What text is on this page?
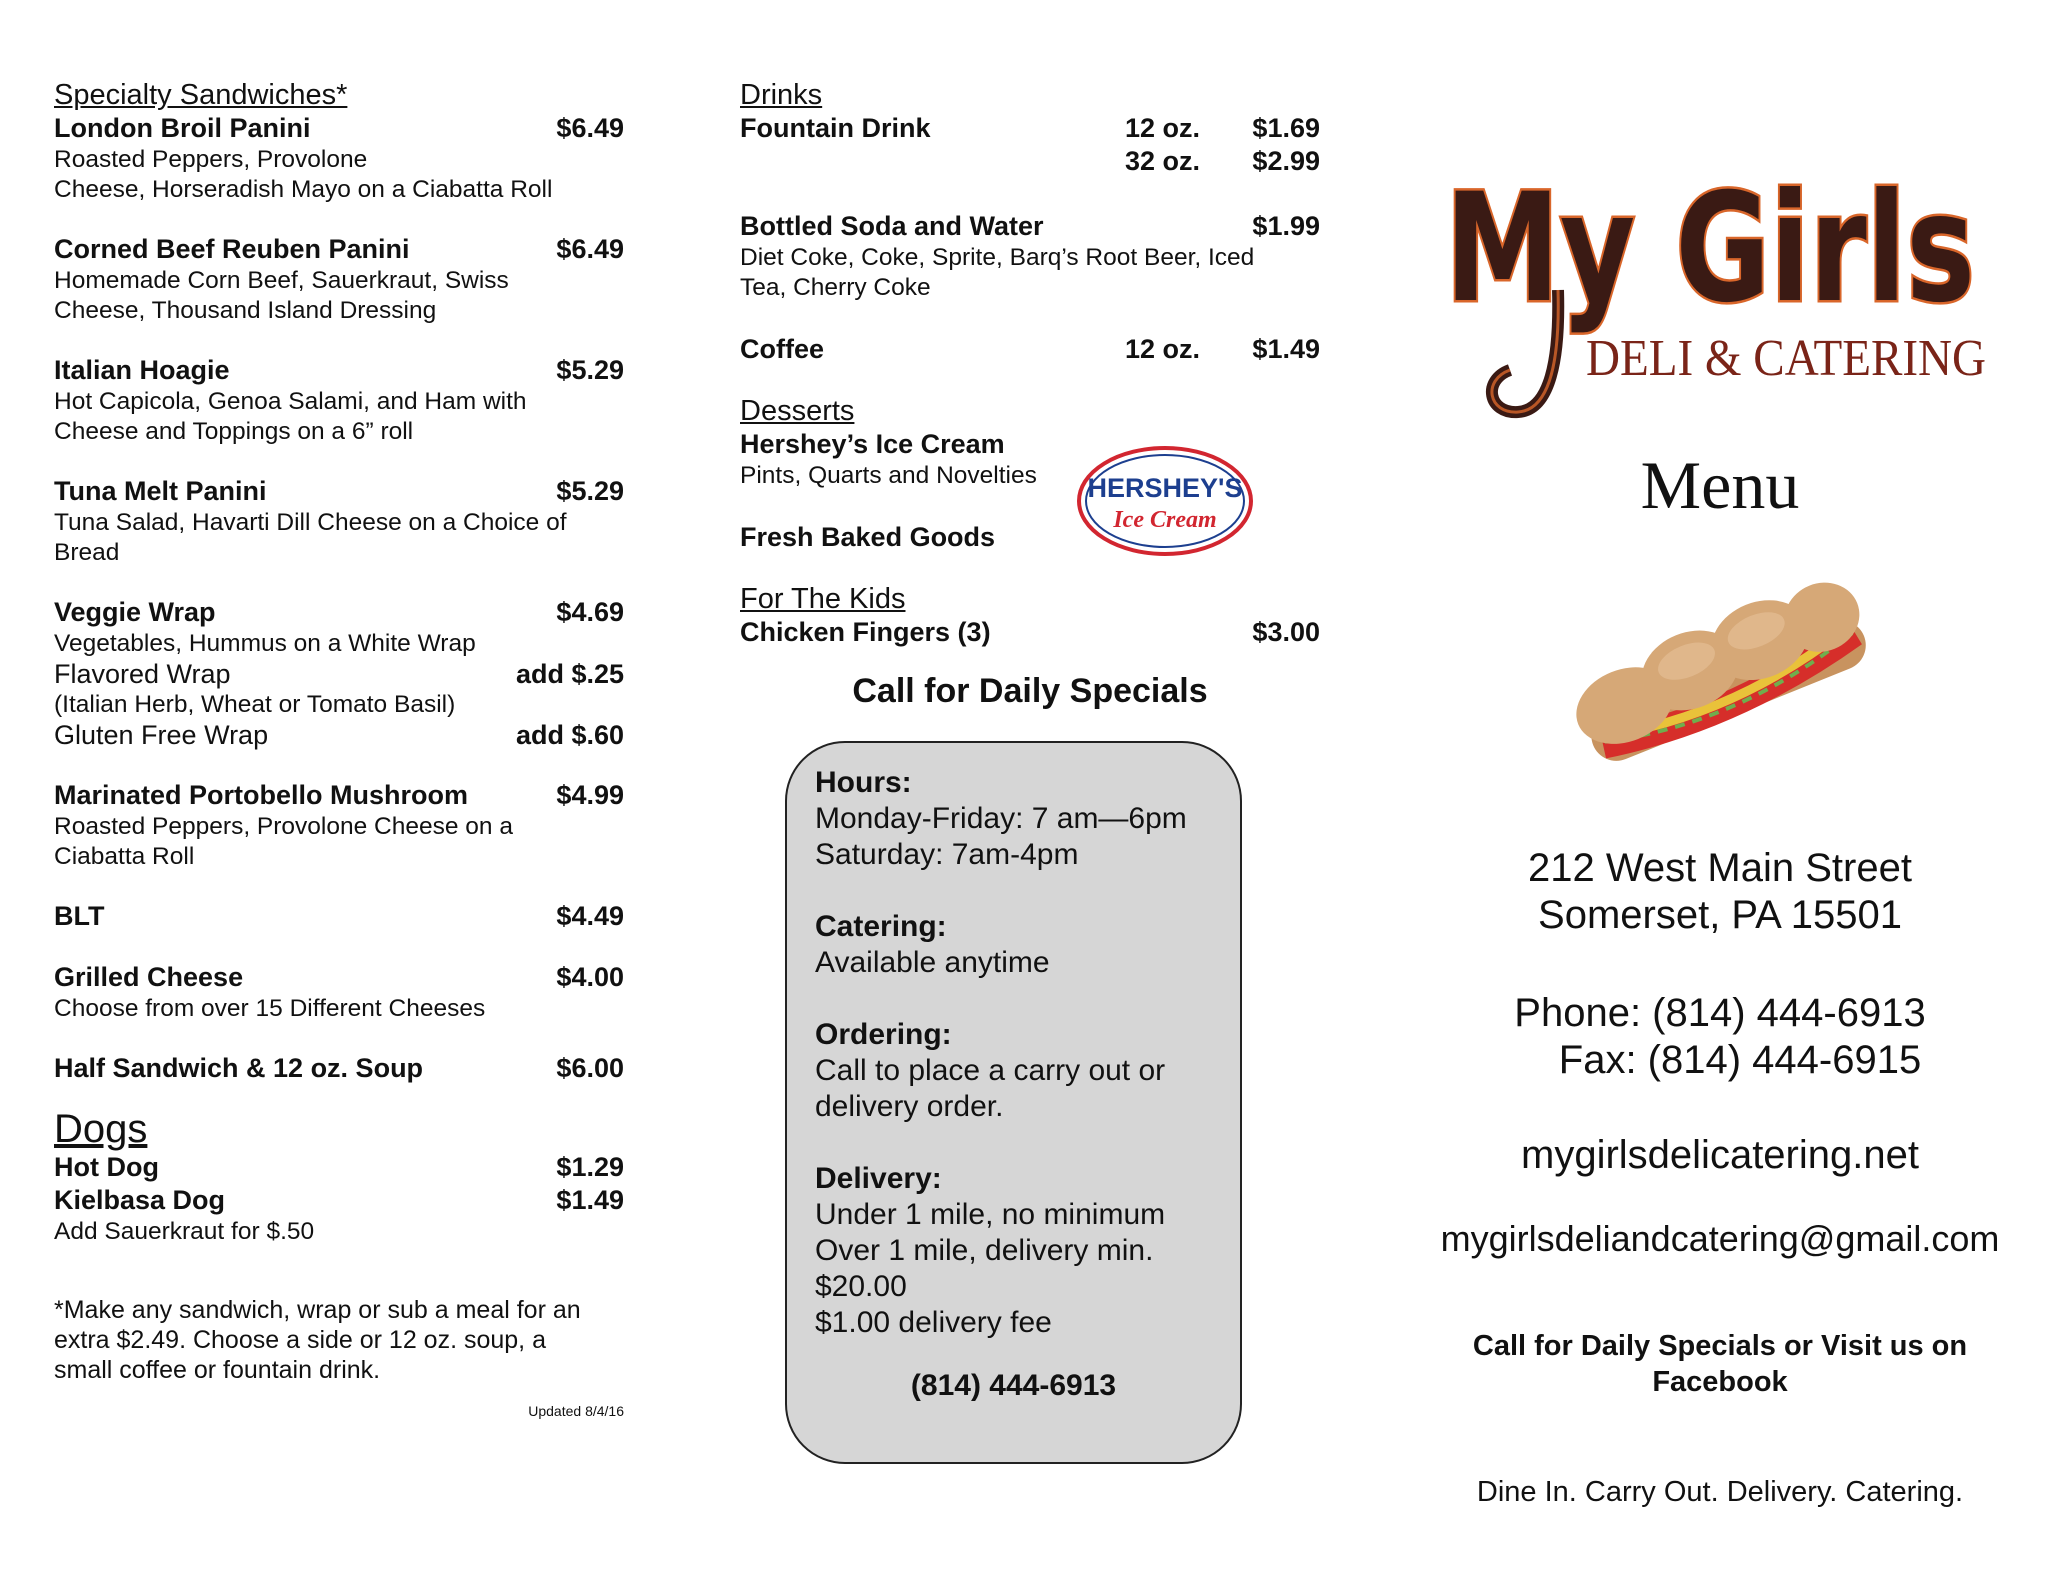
Specialty Sandwiches*

London Broil Panini	$6.49
Roasted Peppers, Provolone
Cheese, Horseradish Mayo on a Ciabatta Roll
Corned Beef Reuben Panini	$6.49
Homemade Corn Beef, Sauerkraut, Swiss
Cheese, Thousand Island Dressing
Italian Hoagie	$5.29
Hot Capicola, Genoa Salami, and Ham with
Cheese and Toppings on a 6” roll
Tuna Melt Panini	$5.29
Tuna Salad, Havarti Dill Cheese on a Choice of
Bread
Veggie Wrap	$4.69
Vegetables, Hummus on a White Wrap
Flavored Wrap	add $.25
(Italian Herb, Wheat or Tomato Basil)
Gluten Free Wrap	add $.60
Marinated Portobello Mushroom	$4.99
Roasted Peppers, Provolone Cheese on a
Ciabatta Roll
BLT	$4.49
Grilled Cheese	$4.00
Choose from over 15 Different Cheeses
Half Sandwich & 12 oz. Soup	$6.00

Dogs

Hot Dog	$1.29
Kielbasa Dog	$1.49
Add Sauerkraut for $.50
*Make any sandwich, wrap or sub a meal for an
extra $2.49. Choose a side or 12 oz. soup, a
small coffee or fountain drink.
Updated 8/4/16

Drinks

Fountain Drink	12 oz.	$1.69
32 oz.	$2.99
Bottled Soda and Water	$1.99
Diet Coke, Coke, Sprite, Barq’s Root Beer, Iced
Tea, Cherry Coke
Coffee	12 oz.	$1.49

Desserts

Hershey’s Ice Cream
Pints, Quarts and Novelties
Fresh Baked Goods

For The Kids

Chicken Fingers (3)	$3.00

Call for Daily Specials

Hours:
Monday-Friday: 7 am—6pm
Saturday: 7am-4pm
Catering:
Available anytime
Ordering:
Call to place a carry out or
delivery order.
Delivery:
Under 1 mile, no minimum
Over 1 mile, delivery min.
$20.00
$1.00 delivery fee
(814) 444-6913
HERSHEY'S
Ice Cream
My Girls
DELI & CATERING
Menu
212 West Main Street
Somerset, PA 15501
Phone: (814) 444-6913
Fax: (814) 444-6915
mygirlsdelicatering.net
mygirlsdeliandcatering@gmail.com
Call for Daily Specials or Visit us on
Facebook
Dine In. Carry Out. Delivery. Catering.
